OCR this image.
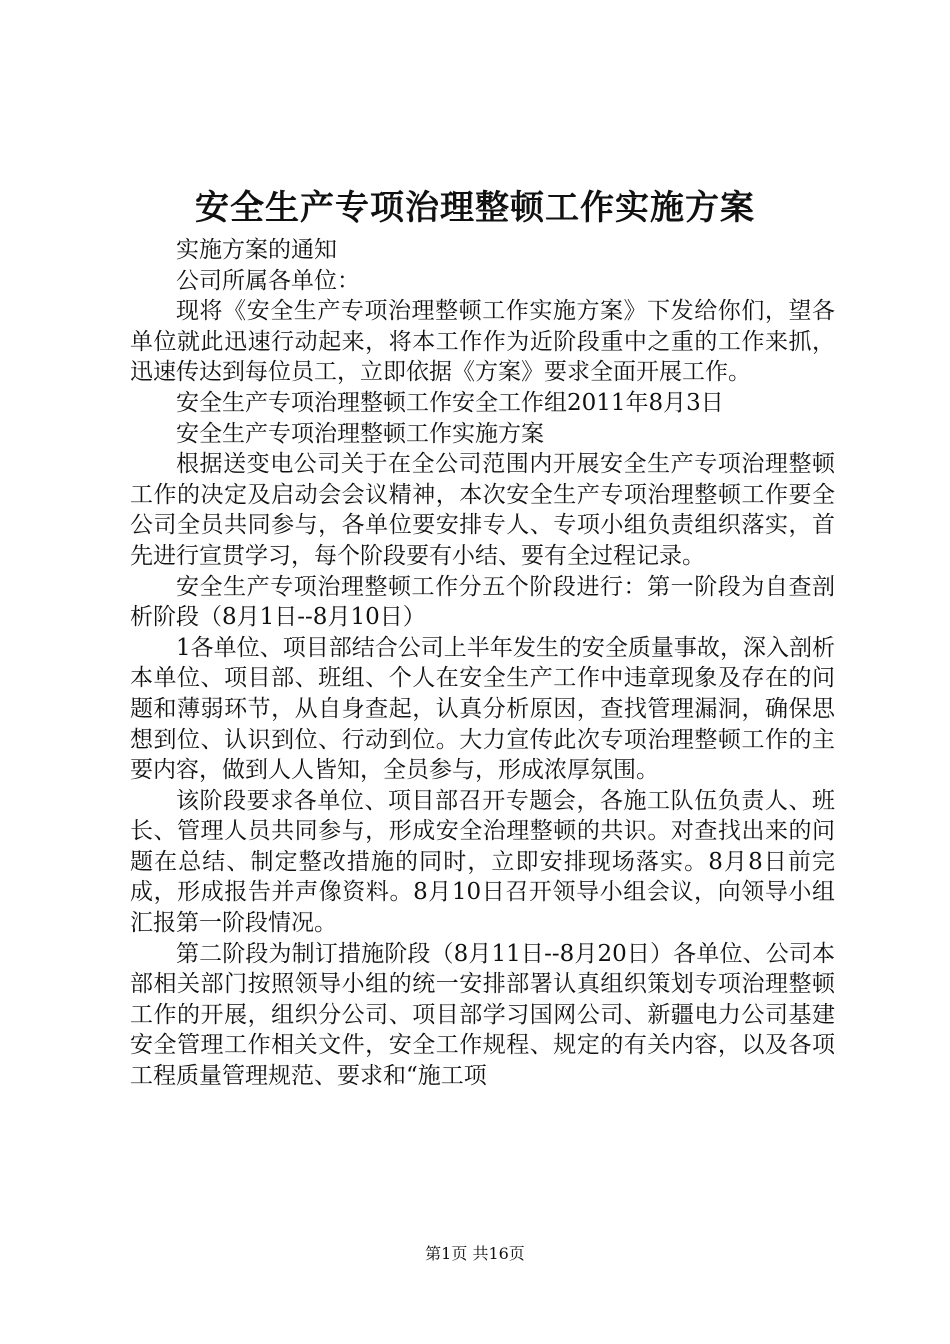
安全生产专项治理整顿工作实施方案

实施方案的通知

公司所属各单位：

现将《安全生产专项治理整顿工作实施方案》下发给你们，望各单位就此迅速行动起来，将本工作作为近阶段重中之重的工作来抓，迅速传达到每位员工，立即依据《方案》要求全面开展工作。

安全生产专项治理整顿工作安全工作组2011年8月3日

安全生产专项治理整顿工作实施方案

根据送变电公司关于在全公司范围内开展安全生产专项治理整顿工作的决定及启动会会议精神，本次安全生产专项治理整顿工作要全公司全员共同参与，各单位要安排专人、专项小组负责组织落实，首先进行宣贯学习，每个阶段要有小结、要有全过程记录。

安全生产专项治理整顿工作分五个阶段进行：第一阶段为自查剖析阶段（8月1日--8月10日）

1各单位、项目部结合公司上半年发生的安全质量事故，深入剖析本单位、项目部、班组、个人在安全生产工作中违章现象及存在的问题和薄弱环节，从自身查起，认真分析原因，查找管理漏洞，确保思想到位、认识到位、行动到位。大力宣传此次专项治理整顿工作的主要内容，做到人人皆知，全员参与，形成浓厚氛围。

该阶段要求各单位、项目部召开专题会，各施工队伍负责人、班长、管理人员共同参与，形成安全治理整顿的共识。对查找出来的问题在总结、制定整改措施的同时，立即安排现场落实。8月8日前完成，形成报告并声像资料。8月10日召开领导小组会议，向领导小组汇报第一阶段情况。

第二阶段为制订措施阶段（8月11日--8月20日）各单位、公司本部相关部门按照领导小组的统一安排部署认真组织策划专项治理整顿工作的开展，组织分公司、项目部学习国网公司、新疆电力公司基建安全管理工作相关文件，安全工作规程、规定的有关内容，以及各项工程质量管理规范、要求和“施工项

第1页 共16页
